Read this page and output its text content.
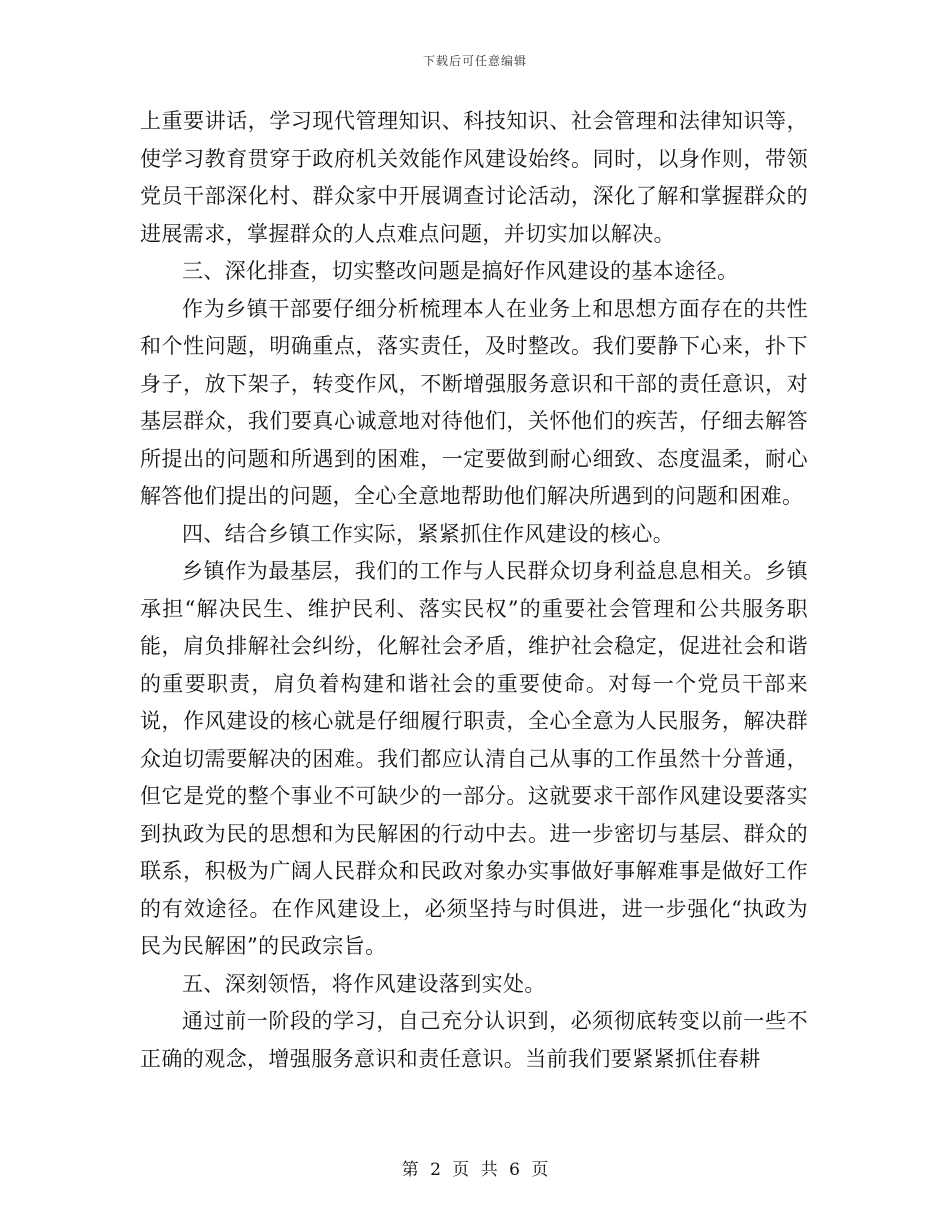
下载后可任意编辑

上重要讲话，学习现代管理知识、科技知识、社会管理和法律知识等，使学习教育贯穿于政府机关效能作风建设始终。同时，以身作则，带领党员干部深化村、群众家中开展调查讨论活动，深化了解和掌握群众的进展需求，掌握群众的人点难点问题，并切实加以解决。

三、深化排查，切实整改问题是搞好作风建设的基本途径。

作为乡镇干部要仔细分析梳理本人在业务上和思想方面存在的共性和个性问题，明确重点，落实责任，及时整改。我们要静下心来，扑下身子，放下架子，转变作风，不断增强服务意识和干部的责任意识，对基层群众，我们要真心诚意地对待他们，关怀他们的疾苦，仔细去解答所提出的问题和所遇到的困难，一定要做到耐心细致、态度温柔，耐心解答他们提出的问题，全心全意地帮助他们解决所遇到的问题和困难。

四、结合乡镇工作实际，紧紧抓住作风建设的核心。

乡镇作为最基层，我们的工作与人民群众切身利益息息相关。乡镇承担“解决民生、维护民利、落实民权”的重要社会管理和公共服务职能，肩负排解社会纠纷，化解社会矛盾，维护社会稳定，促进社会和谐的重要职责，肩负着构建和谐社会的重要使命。对每一个党员干部来说，作风建设的核心就是仔细履行职责，全心全意为人民服务，解决群众迫切需要解决的困难。我们都应认清自己从事的工作虽然十分普通，但它是党的整个事业不可缺少的一部分。这就要求干部作风建设要落实到执政为民的思想和为民解困的行动中去。进一步密切与基层、群众的联系，积极为广阔人民群众和民政对象办实事做好事解难事是做好工作的有效途径。在作风建设上，必须坚持与时俱进，进一步强化“执政为民为民解困”的民政宗旨。

五、深刻领悟，将作风建设落到实处。

通过前一阶段的学习，自己充分认识到，必须彻底转变以前一些不正确的观念，增强服务意识和责任意识。当前我们要紧紧抓住春耕

第 2 页 共 6 页
